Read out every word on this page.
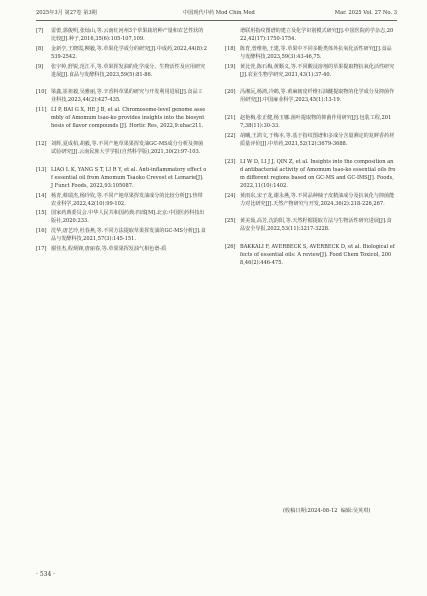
2025年3月 第27卷 第3期	中国现代中药 Mod Chin Med	Mar. 2025 Vol. 27 No. 3
[7] 雷蕾,郭俊明,张灿山,等.云南红河州3个草果栽培种产量和农艺性状的比较[J].种子,2016,35(6):105-107,109.
[8] 金新亨,王晓霞,柳毅,等.草果化学成分的研究[J].中成药,2022,44(8):2539-2542.
[9] 张宇婷,舒锐,范江平,等.草果挥发油的化学成分、生物活性及应用研究进展[J].食品与发酵科技,2023,59(5):81-86.
[10] 梁鑫,崔祖毅,吴雅丽,等.辛香料草果的研究与开发利用进展[J].食品工业科技,2023,44(2):427-435.
[11] LI P, BAI G X, HE J B, et al. Chromosome-level genome assembly of Amomum tsao-ko provides insights into the biosynthesis of flavor compounds [J]. Hortic Res, 2022,9:uhac211.
[12] 刘辉,夏成柏,胡毅,等.不同产地草果果挥发油GC-MS成分分析及抑菌试验研究[J].云南民族大学学报(自然科学版),2021,30(2):97-103.
[13] LIAO L K, YANG S T, LI R Y, et al. Anti-inflammatory effect of essential oil from Amomum Tsaoko Crevost et Lemarie[J]. J Funct Foods, 2022,93:105087.
[14] 杨青,蔡瑞杰,杨玲钦,等.不同产地草果挥发油成分的比较分析[J].热带农业科学,2022,42(10):99-102.
[15] 国家药典委员会.中华人民共和国药典:四部[M].北京:中国医药科技出版社,2020:233.
[16] 沈华,唐艺玲,杜春燕,等.不同方法提取草果挥发油的GC-MS分析[J].食品与发酵科技,2021,57(3):145-151.
[17] 谢佳杰,程炳锋,唐丽春,等.草果果挥发油气相色谱-质
谱联用指纹图谱的建立及化学识别模式研究[J].中国医院药学杂志,2022,42(17):1750-1754.
[18] 陈育,曾维艳,王建,等.草果中不同多酚类体外抗氧化活性研究[J].食品与发酵科技,2023,59(3):43-46,75.
[19] 黄比萱,陈石梅,黄顺义,等.不同酸浸溶剂的草果提取物抗氧化活性研究[J].农业生物学研究,2021,43(1):37-40.
[20] 冯湘沅,杨鸿,冷鹤,等.黄麻韧皮纤维石油醚提取物的化学成分及抑菌作用研究[J].中国麻业科学,2023,45(1):13-19.
[21] 赵艳梅,张正健,杨玉娜.菌叶提取物的抑菌作用研究[J].包装工程,2017,38(11):30-33.
[22] 胡曦,王鸿文,于梅本,等.基于指纹图谱和多成分含量测定的复鲜香药材质量评价[J].中草药,2021,52(12):3679-3688.
[23] LI W D, LI J J, QIN Z, et al. Insights into the composition and antibacterial activity of Amomum tsao-ko essential oils from different regions based on GC-MS and GC-IMS[J]. Foods, 2022,11(10):1402.
[24] 黄雨东,宋子龙,谢永燕,等.不同品种柚子皮精油成分及抗氧化与抑菌能力对比研究[J].天然产物研究与开发,2024,36(2):218-226,267.
[25] 黄美茹,高芳,沈韵阳,等.天然籽榴提取方法与生物活性研究进展[J].食品安全导报,2022,53(11):3217-3228.
[26] BAKKALI F, AVERBECK S, AVERBECK D, et al. Biological effects of essential oils: A review[J]. Food Chem Toxicol, 2008,46(2):446-475.
(收稿日期:2024-08-12  编辑:吴英琪)
· 534 ·
